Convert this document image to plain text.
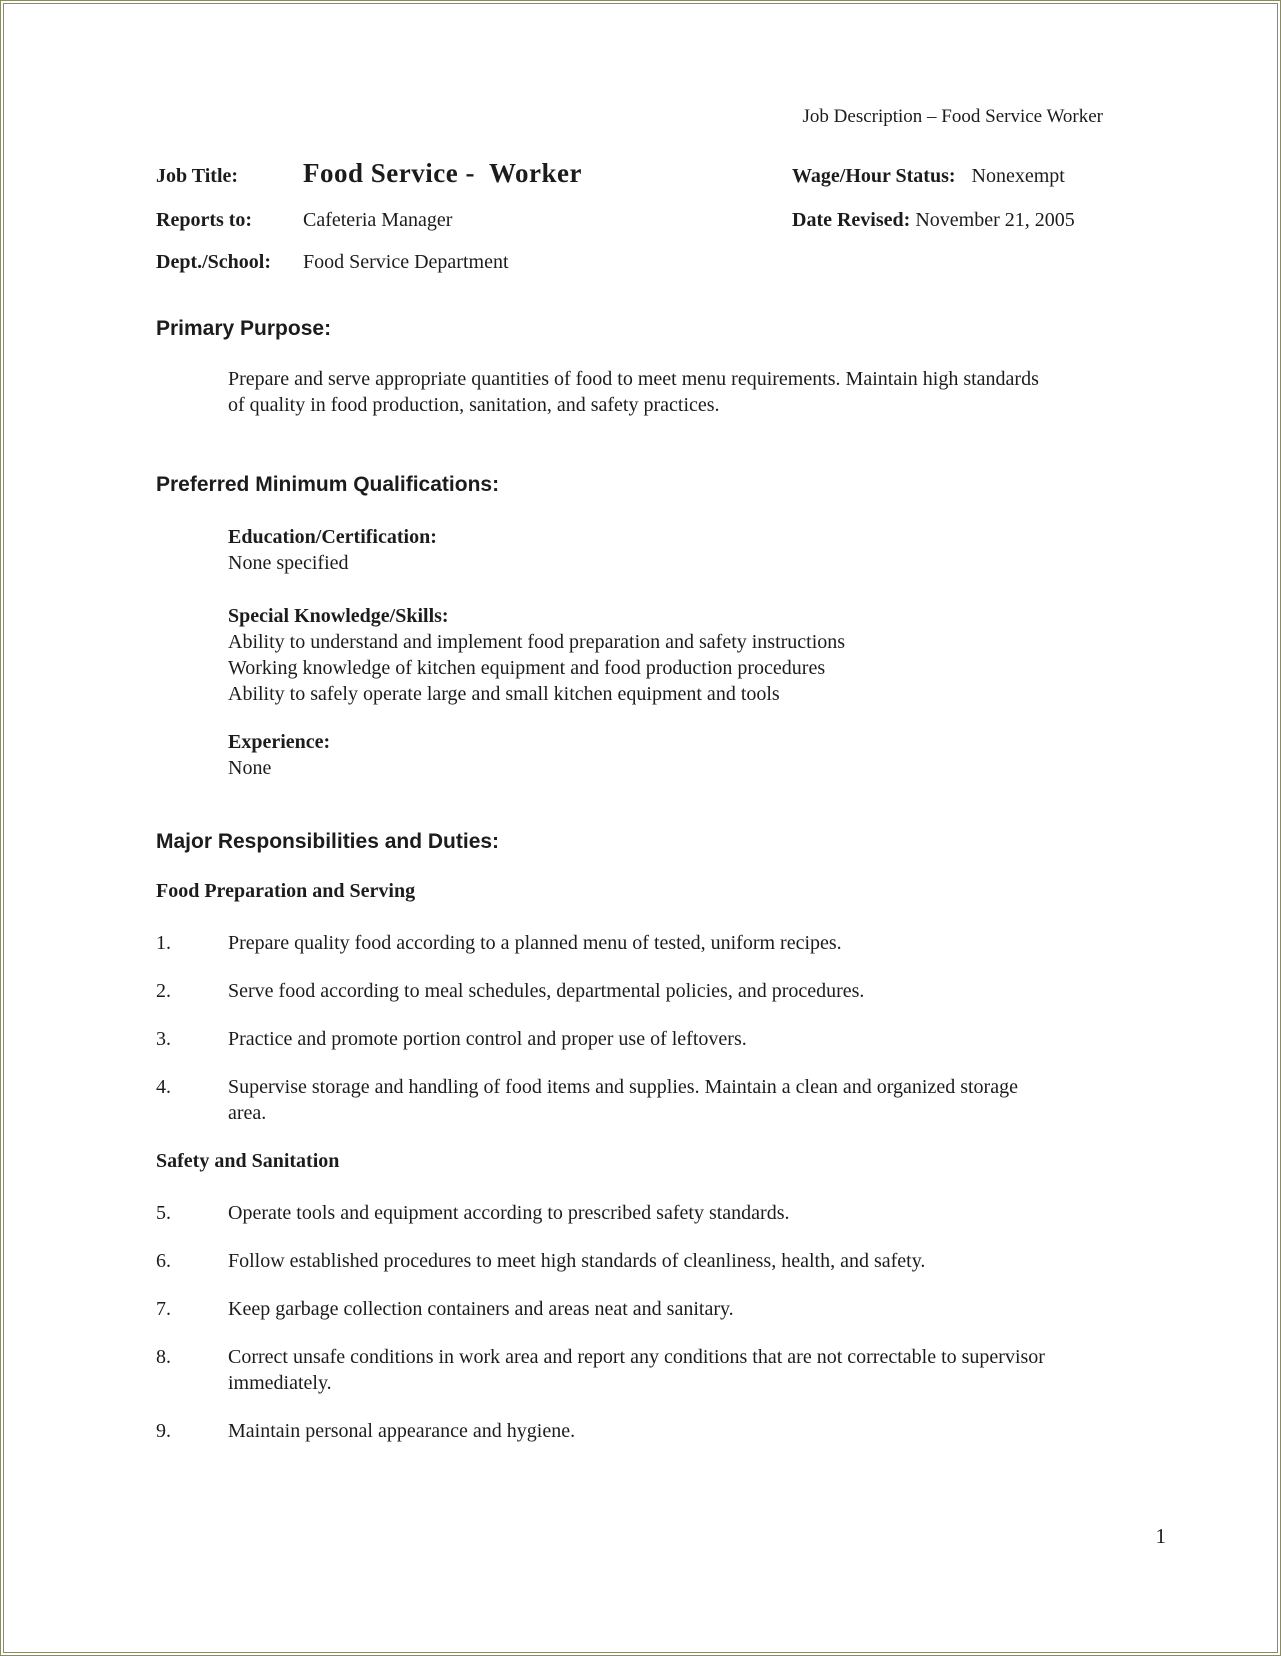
Job Description – Food Service Worker
Job Title: Food Service -  Worker	Wage/Hour Status: Nonexempt
Reports to:	Cafeteria Manager	Date Revised: November 21, 2005
Dept./School: Food Service Department
Primary Purpose:
Prepare and serve appropriate quantities of food to meet menu requirements. Maintain high standards
of quality in food production, sanitation, and safety practices.
Preferred Minimum Qualifications:
Education/Certification:
None specified
Special Knowledge/Skills:
Ability to understand and implement food preparation and safety instructions
Working knowledge of kitchen equipment and food production procedures
Ability to safely operate large and small kitchen equipment and tools
Experience:
None
Major Responsibilities and Duties:
Food Preparation and Serving
1.	Prepare quality food according to a planned menu of tested, uniform recipes.
2.	Serve food according to meal schedules, departmental policies, and procedures.
3.	Practice and promote portion control and proper use of leftovers.
4.	Supervise storage and handling of food items and supplies. Maintain a clean and organized storage
area.
Safety and Sanitation
5.	Operate tools and equipment according to prescribed safety standards.
6.	Follow established procedures to meet high standards of cleanliness, health, and safety.
7.	Keep garbage collection containers and areas neat and sanitary.
8.	Correct unsafe conditions in work area and report any conditions that are not correctable to supervisor
immediately.
9.	Maintain personal appearance and hygiene.
1
